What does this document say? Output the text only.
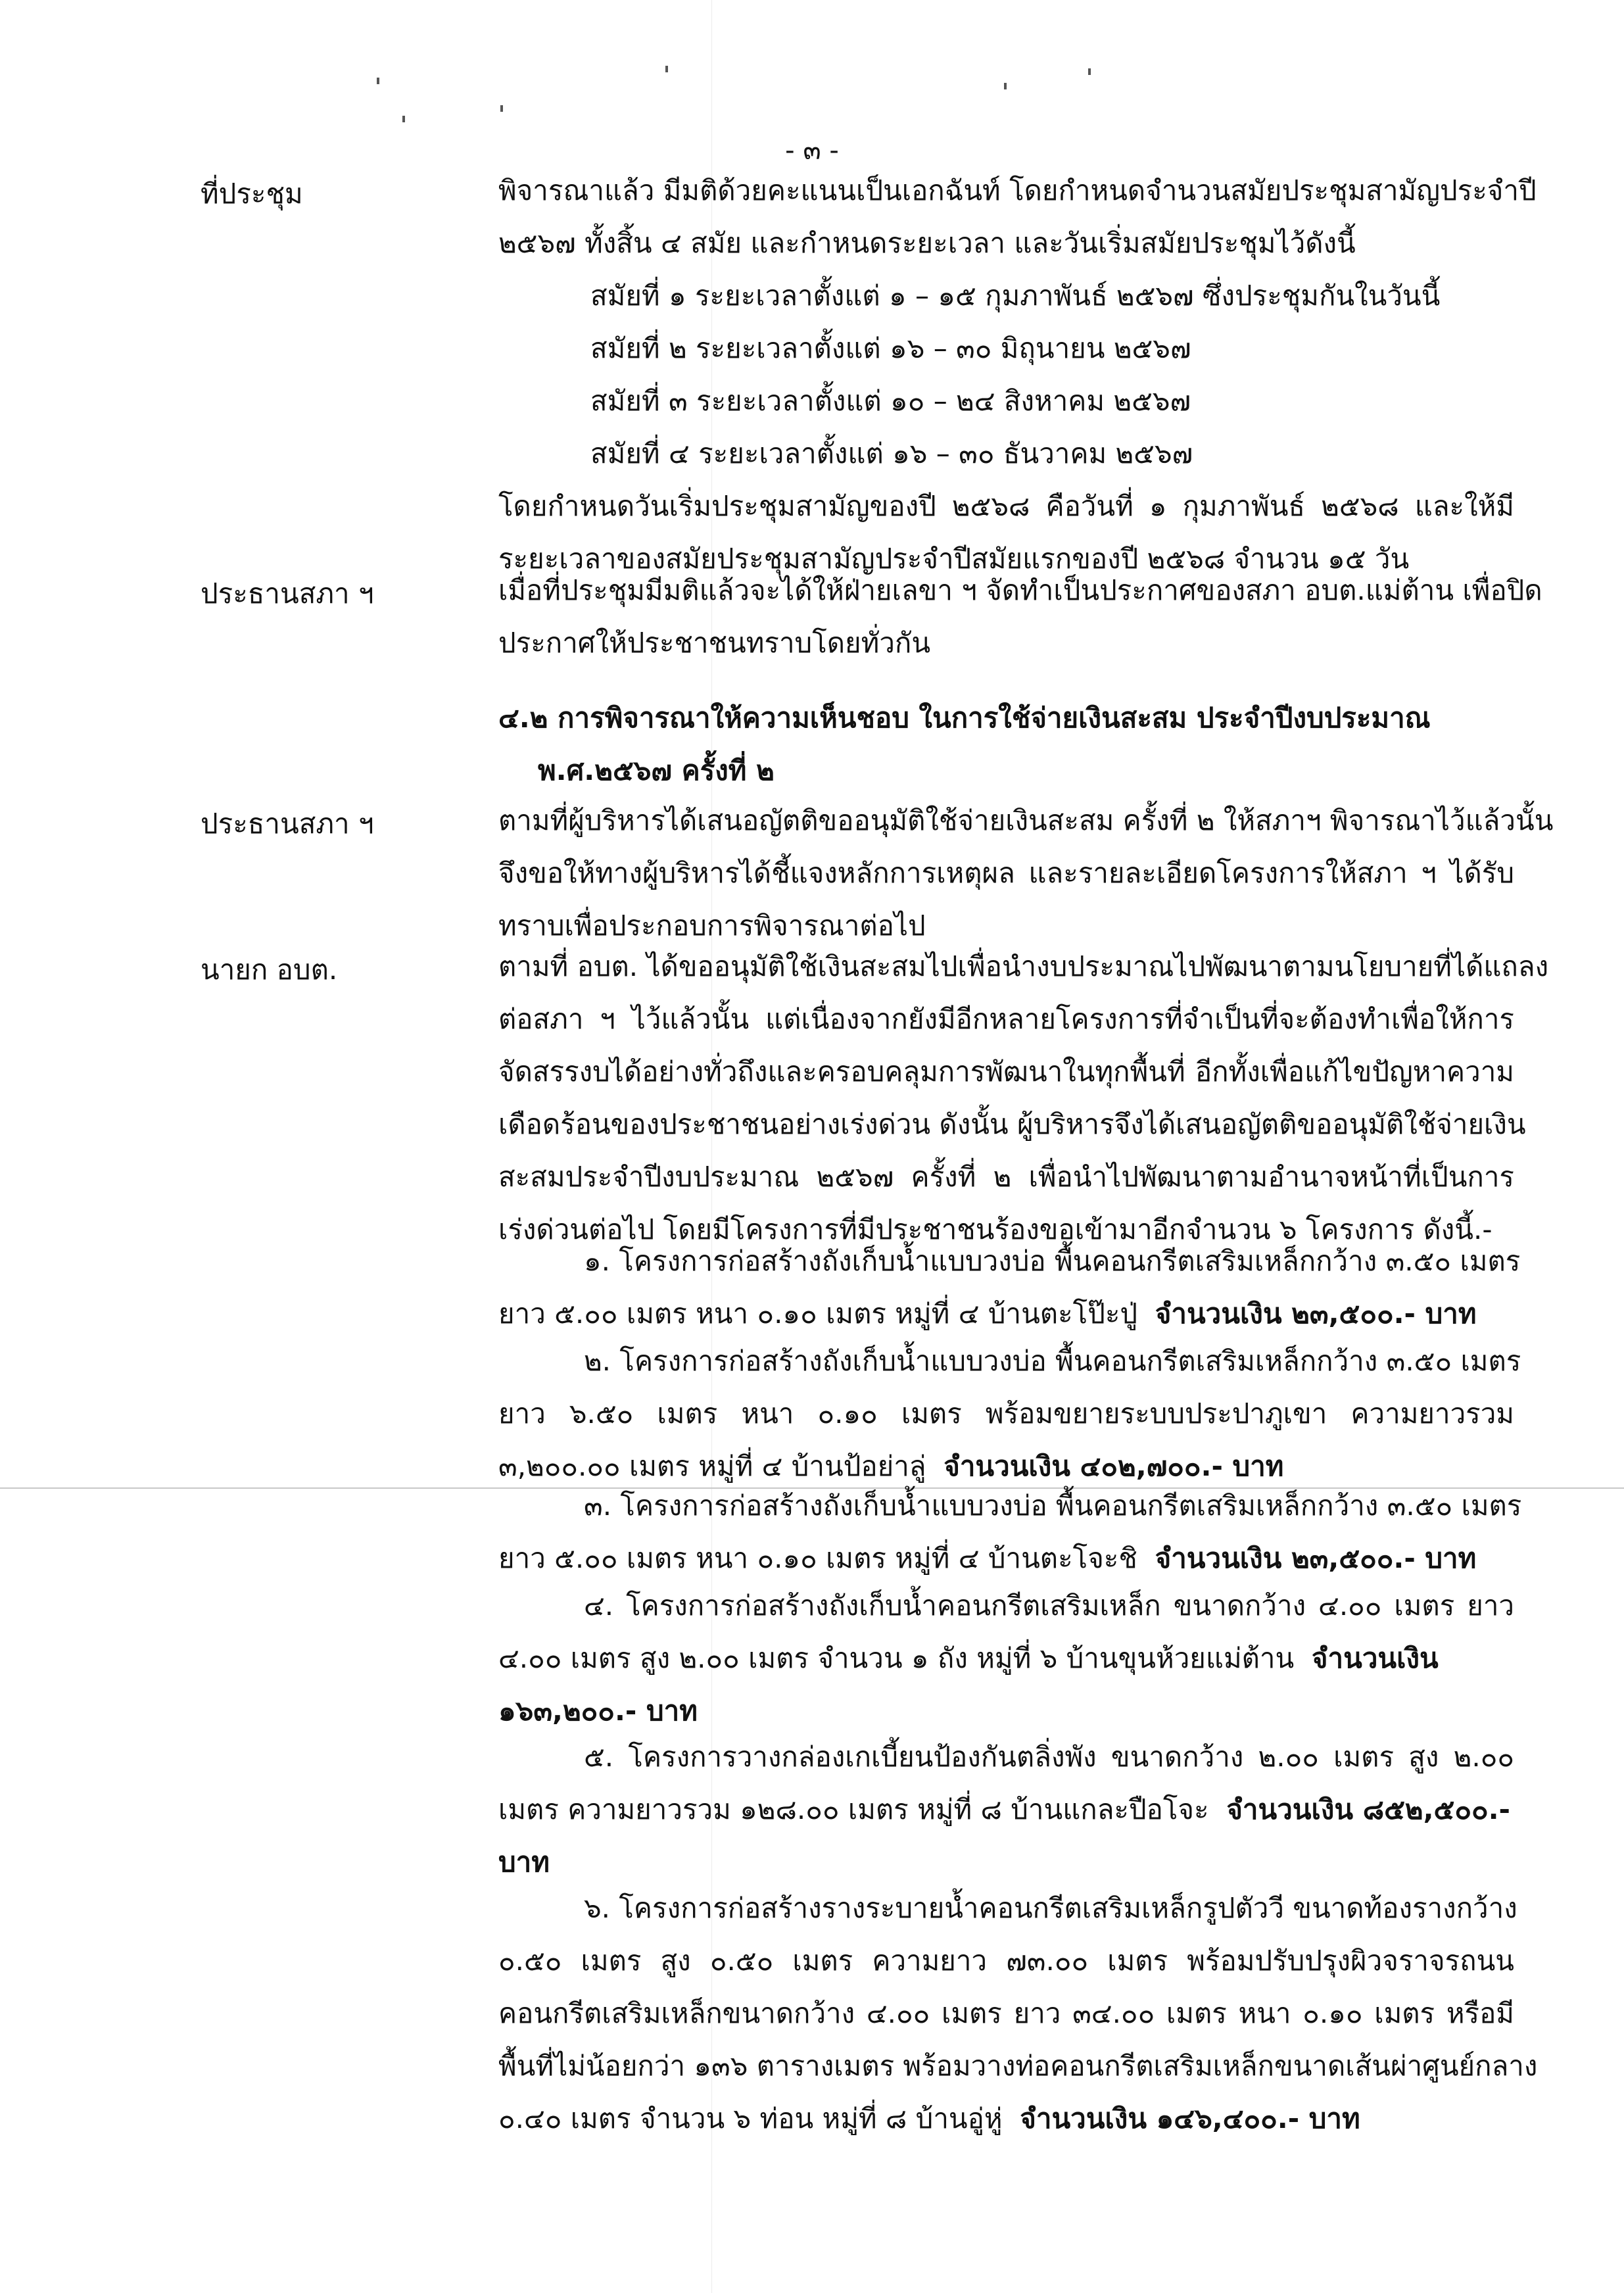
- ๓ -
ที่ประชุม	พิจารณาแล้ว มีมติด้วยคะแนนเป็นเอกฉันท์ โดยกำหนดจำนวนสมัยประชุมสามัญประจำปี
๒๕๖๗ ทั้งสิ้น ๔ สมัย และกำหนดระยะเวลา และวันเริ่มสมัยประชุมไว้ดังนี้
สมัยที่ ๑ ระยะเวลาตั้งแต่ ๑ – ๑๕ กุมภาพันธ์ ๒๕๖๗ ซึ่งประชุมกันในวันนี้
สมัยที่ ๒ ระยะเวลาตั้งแต่ ๑๖ – ๓๐ มิถุนายน ๒๕๖๗
สมัยที่ ๓ ระยะเวลาตั้งแต่ ๑๐ – ๒๔ สิงหาคม ๒๕๖๗
สมัยที่ ๔ ระยะเวลาตั้งแต่ ๑๖ – ๓๐ ธันวาคม ๒๕๖๗
โดยกำหนดวันเริ่มประชุมสามัญของปี ๒๕๖๘ คือวันที่ ๑ กุมภาพันธ์ ๒๕๖๘ และให้มี
ระยะเวลาของสมัยประชุมสามัญประจำปีสมัยแรกของปี ๒๕๖๘ จำนวน ๑๕ วัน
ประธานสภา ฯ	เมื่อที่ประชุมมีมติแล้วจะได้ให้ฝ่ายเลขา ฯ จัดทำเป็นประกาศของสภา อบต.แม่ต้าน เพื่อปิด
ประกาศให้ประชาชนทราบโดยทั่วกัน
๔.๒ การพิจารณาให้ความเห็นชอบ ในการใช้จ่ายเงินสะสม ประจำปีงบประมาณ
พ.ศ.๒๕๖๗ ครั้งที่ ๒
ประธานสภา ฯ	ตามที่ผู้บริหารได้เสนอญัตติขออนุมัติใช้จ่ายเงินสะสม ครั้งที่ ๒ ให้สภาฯ พิจารณาไว้แล้วนั้น
จึงขอให้ทางผู้บริหารได้ชี้แจงหลักการเหตุผล และรายละเอียดโครงการให้สภา ฯ ได้รับ
ทราบเพื่อประกอบการพิจารณาต่อไป
นายก อบต.	ตามที่ อบต. ได้ขออนุมัติใช้เงินสะสมไปเพื่อนำงบประมาณไปพัฒนาตามนโยบายที่ได้แถลง
ต่อสภา ฯ ไว้แล้วนั้น แต่เนื่องจากยังมีอีกหลายโครงการที่จำเป็นที่จะต้องทำเพื่อให้การ
จัดสรรงบได้อย่างทั่วถึงและครอบคลุมการพัฒนาในทุกพื้นที่ อีกทั้งเพื่อแก้ไขปัญหาความ
เดือดร้อนของประชาชนอย่างเร่งด่วน ดังนั้น ผู้บริหารจึงได้เสนอญัตติขออนุมัติใช้จ่ายเงิน
สะสมประจำปีงบประมาณ ๒๕๖๗ ครั้งที่ ๒ เพื่อนำไปพัฒนาตามอำนาจหน้าที่เป็นการ
เร่งด่วนต่อไป โดยมีโครงการที่มีประชาชนร้องขอเข้ามาอีกจำนวน ๖ โครงการ ดังนี้.-
๑. โครงการก่อสร้างถังเก็บน้ำแบบวงบ่อ พื้นคอนกรีตเสริมเหล็กกว้าง ๓.๕๐ เมตร
ยาว ๕.๐๐ เมตร หนา ๐.๑๐ เมตร หมู่ที่ ๔ บ้านตะโป๊ะปู่ จำนวนเงิน ๒๓,๕๐๐.- บาท
๒. โครงการก่อสร้างถังเก็บน้ำแบบวงบ่อ พื้นคอนกรีตเสริมเหล็กกว้าง ๓.๕๐ เมตร
ยาว ๖.๕๐ เมตร หนา ๐.๑๐ เมตร พร้อมขยายระบบประปาภูเขา ความยาวรวม
๓,๒๐๐.๐๐ เมตร หมู่ที่ ๔ บ้านป้อย่าลู่ จำนวนเงิน ๔๐๒,๗๐๐.- บาท
๓. โครงการก่อสร้างถังเก็บน้ำแบบวงบ่อ พื้นคอนกรีตเสริมเหล็กกว้าง ๓.๕๐ เมตร
ยาว ๕.๐๐ เมตร หนา ๐.๑๐ เมตร หมู่ที่ ๔ บ้านตะโจะชิ จำนวนเงิน ๒๓,๕๐๐.- บาท
๔. โครงการก่อสร้างถังเก็บน้ำคอนกรีตเสริมเหล็ก ขนาดกว้าง ๔.๐๐ เมตร ยาว
๔.๐๐ เมตร สูง ๒.๐๐ เมตร จำนวน ๑ ถัง หมู่ที่ ๖ บ้านขุนห้วยแม่ต้าน จำนวนเงิน
๑๖๓,๒๐๐.- บาท
๕. โครงการวางกล่องเกเบี้ยนป้องกันตลิ่งพัง ขนาดกว้าง ๒.๐๐ เมตร สูง ๒.๐๐
เมตร ความยาวรวม ๑๒๘.๐๐ เมตร หมู่ที่ ๘ บ้านแกละปือโจะ จำนวนเงิน ๘๕๒,๕๐๐.-
บาท
๖. โครงการก่อสร้างรางระบายน้ำคอนกรีตเสริมเหล็กรูปตัววี ขนาดท้องรางกว้าง
๐.๕๐ เมตร สูง ๐.๕๐ เมตร ความยาว ๗๓.๐๐ เมตร พร้อมปรับปรุงผิวจราจรถนน
คอนกรีตเสริมเหล็กขนาดกว้าง ๔.๐๐ เมตร ยาว ๓๔.๐๐ เมตร หนา ๐.๑๐ เมตร หรือมี
พื้นที่ไม่น้อยกว่า ๑๓๖ ตารางเมตร พร้อมวางท่อคอนกรีตเสริมเหล็กขนาดเส้นผ่าศูนย์กลาง
๐.๔๐ เมตร จำนวน ๖ ท่อน หมู่ที่ ๘ บ้านอู่หู่ จำนวนเงิน ๑๔๖,๔๐๐.- บาท
